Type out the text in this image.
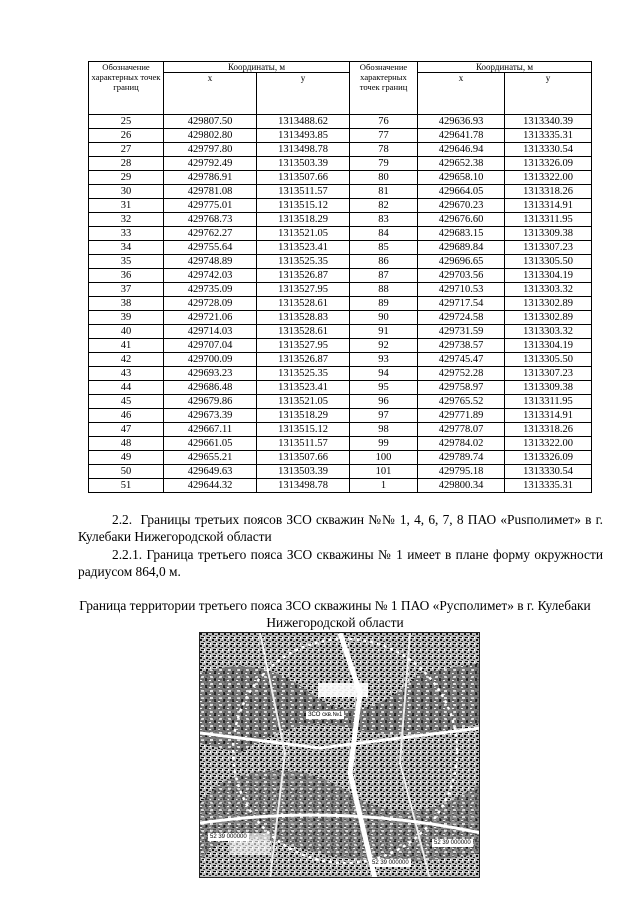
Обозначение характерных точек границ	Координаты, м		Обозначение характерных точек границ	Координаты, м	
	x	y		x	y
25	429807.50	1313488.62	76	429636.93	1313340.39
26	429802.80	1313493.85	77	429641.78	1313335.31
27	429797.80	1313498.78	78	429646.94	1313330.54
28	429792.49	1313503.39	79	429652.38	1313326.09
29	429786.91	1313507.66	80	429658.10	1313322.00
30	429781.08	1313511.57	81	429664.05	1313318.26
31	429775.01	1313515.12	82	429670.23	1313314.91
32	429768.73	1313518.29	83	429676.60	1313311.95
33	429762.27	1313521.05	84	429683.15	1313309.38
34	429755.64	1313523.41	85	429689.84	1313307.23
35	429748.89	1313525.35	86	429696.65	1313305.50
36	429742.03	1313526.87	87	429703.56	1313304.19
37	429735.09	1313527.95	88	429710.53	1313303.32
38	429728.09	1313528.61	89	429717.54	1313302.89
39	429721.06	1313528.83	90	429724.58	1313302.89
40	429714.03	1313528.61	91	429731.59	1313303.32
41	429707.04	1313527.95	92	429738.57	1313304.19
42	429700.09	1313526.87	93	429745.47	1313305.50
43	429693.23	1313525.35	94	429752.28	1313307.23
44	429686.48	1313523.41	95	429758.97	1313309.38
45	429679.86	1313521.05	96	429765.52	1313311.95
46	429673.39	1313518.29	97	429771.89	1313314.91
47	429667.11	1313515.12	98	429778.07	1313318.26
48	429661.05	1313511.57	99	429784.02	1313322.00
49	429655.21	1313507.66	100	429789.74	1313326.09
50	429649.63	1313503.39	101	429795.18	1313330.54
51	429644.32	1313498.78	1	429800.34	1313335.31
2.2.  Границы третьих поясов ЗСО скважин №№ 1, 4, 6, 7, 8 ПАО «Рusполимет» в г. Кулебаки Нижегородской области
2.2.1. Граница третьего пояса ЗСО скважины № 1 имеет в плане форму окружности радиусом 864,0 м.
Граница территории третьего пояса ЗСО скважины № 1 ПАО «Русполимет» в г. Кулебаки Нижегородской области
ЗСО скв.№1
52 39 000000
52 39 000000
52 39 000000
